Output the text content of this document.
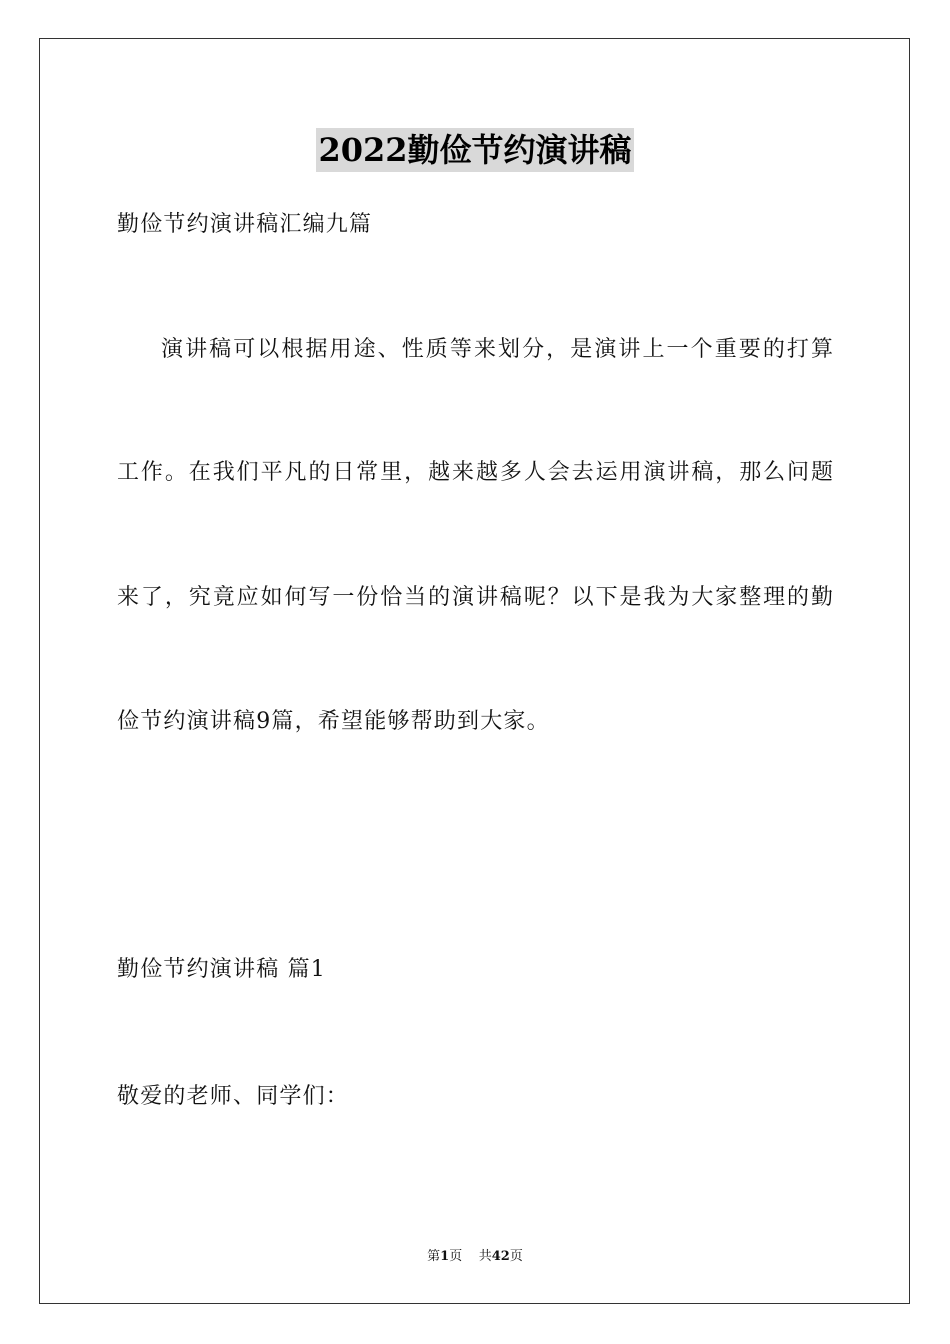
2022勤俭节约演讲稿
勤俭节约演讲稿汇编九篇
演讲稿可以根据用途、性质等来划分，是演讲上一个重要的打算
工作。在我们平凡的日常里，越来越多人会去运用演讲稿，那么问题
来了，究竟应如何写一份恰当的演讲稿呢？以下是我为大家整理的勤
俭节约演讲稿9篇，希望能够帮助到大家。
勤俭节约演讲稿 篇1
敬爱的老师、同学们：
第1页 共42页
